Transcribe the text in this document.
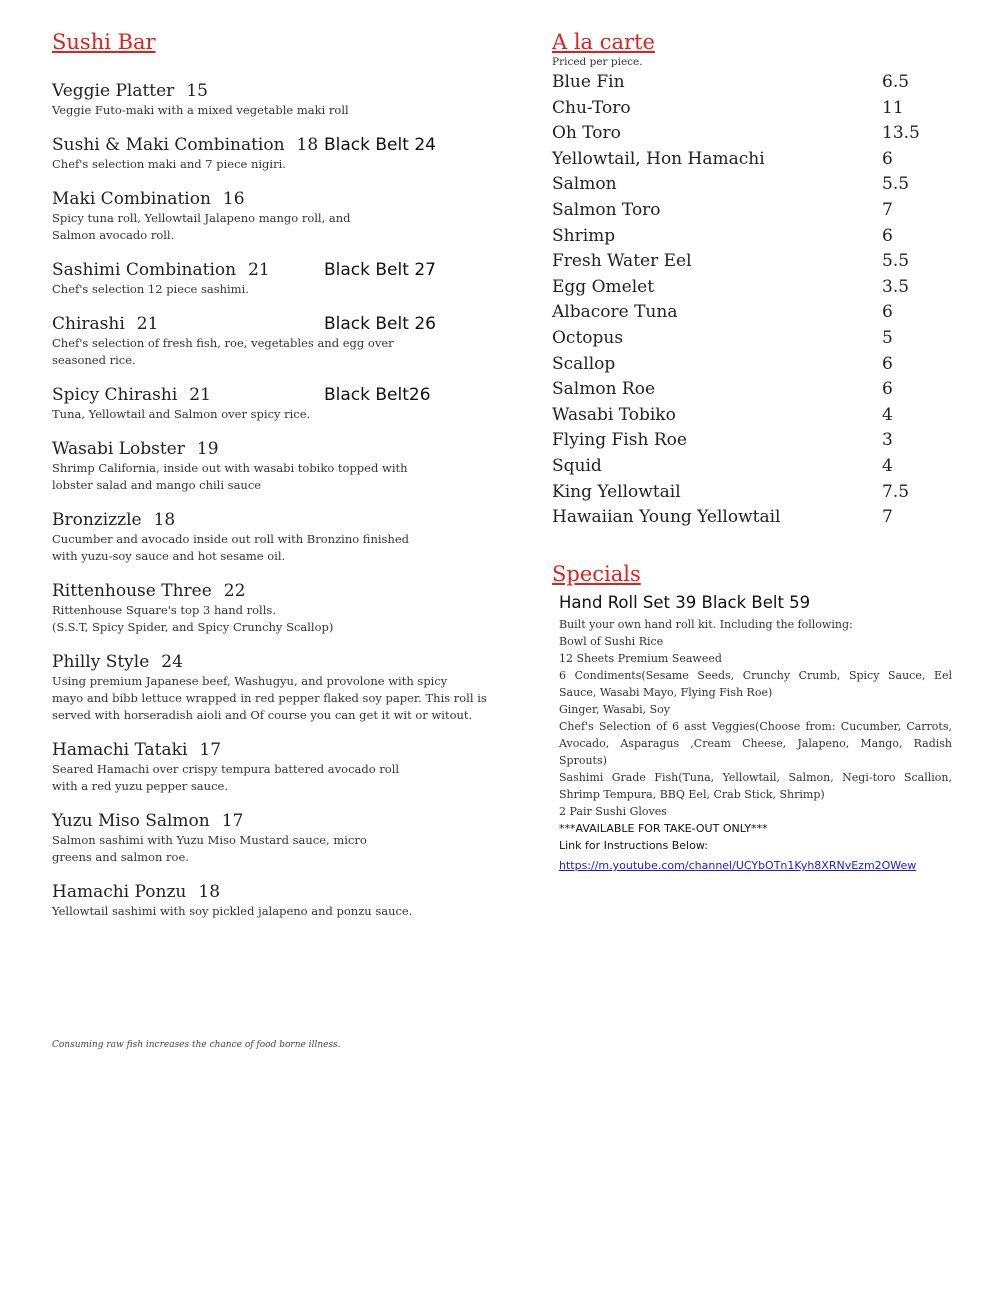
Sushi Bar
Veggie Platter 15
Veggie Futo-maki with a mixed vegetable maki roll
Sushi & Maki Combination 18 Black Belt 24
Chef's selection maki and 7 piece nigiri.
Maki Combination 16
Spicy tuna roll, Yellowtail Jalapeno mango roll, and
Salmon avocado roll.
Sashimi Combination 21	Black Belt 27
Chef's selection 12 piece sashimi.
Chirashi 21	Black Belt 26
Chef's selection of fresh fish, roe, vegetables and egg over
seasoned rice.
Spicy Chirashi 21	Black Belt26
Tuna, Yellowtail and Salmon over spicy rice.
Wasabi Lobster 19
Shrimp California, inside out with wasabi tobiko topped with
lobster salad and mango chili sauce
Bronzizzle 18
Cucumber and avocado inside out roll with Bronzino finished
with yuzu-soy sauce and hot sesame oil.
Rittenhouse Three 22
Rittenhouse Square's top 3 hand rolls.
(S.S.T, Spicy Spider, and Spicy Crunchy Scallop)
Philly Style 24
Using premium Japanese beef, Washugyu, and provolone with spicy
mayo and bibb lettuce wrapped in red pepper flaked soy paper. This roll is
served with horseradish aioli and Of course you can get it wit or witout.
Hamachi Tataki 17
Seared Hamachi over crispy tempura battered avocado roll
with a red yuzu pepper sauce.
Yuzu Miso Salmon 17
Salmon sashimi with Yuzu Miso Mustard sauce, micro
greens and salmon roe.
Hamachi Ponzu 18
Yellowtail sashimi with soy pickled jalapeno and ponzu sauce.
Consuming raw fish increases the chance of food borne illness.
A la carte
Priced per piece.
Blue Fin	6.5
Chu-Toro	11
Oh Toro	13.5
Yellowtail, Hon Hamachi	6
Salmon	5.5
Salmon Toro	7
Shrimp	6
Fresh Water Eel	5.5
Egg Omelet	3.5
Albacore Tuna	6
Octopus	5
Scallop	6
Salmon Roe	6
Wasabi Tobiko	4
Flying Fish Roe	3
Squid	4
King Yellowtail	7.5
Hawaiian Young Yellowtail	7
Specials
Hand Roll Set 39 Black Belt 59
Built your own hand roll kit. Including the following:
Bowl of Sushi Rice
12 Sheets Premium Seaweed
6 Condiments(Sesame Seeds, Crunchy Crumb, Spicy Sauce, Eel Sauce, Wasabi Mayo, Flying Fish Roe)
Ginger, Wasabi, Soy
Chef's Selection of 6 asst Veggies(Choose from: Cucumber, Carrots, Avocado, Asparagus ,Cream Cheese, Jalapeno, Mango, Radish Sprouts)
Sashimi Grade Fish(Tuna, Yellowtail, Salmon, Negi-toro Scallion, Shrimp Tempura, BBQ Eel, Crab Stick, Shrimp)
2 Pair Sushi Gloves
***AVAILABLE FOR TAKE-OUT ONLY***
Link for Instructions Below:
https://m.youtube.com/channel/UCYbOTn1Kyh8XRNvEzm2OWew
